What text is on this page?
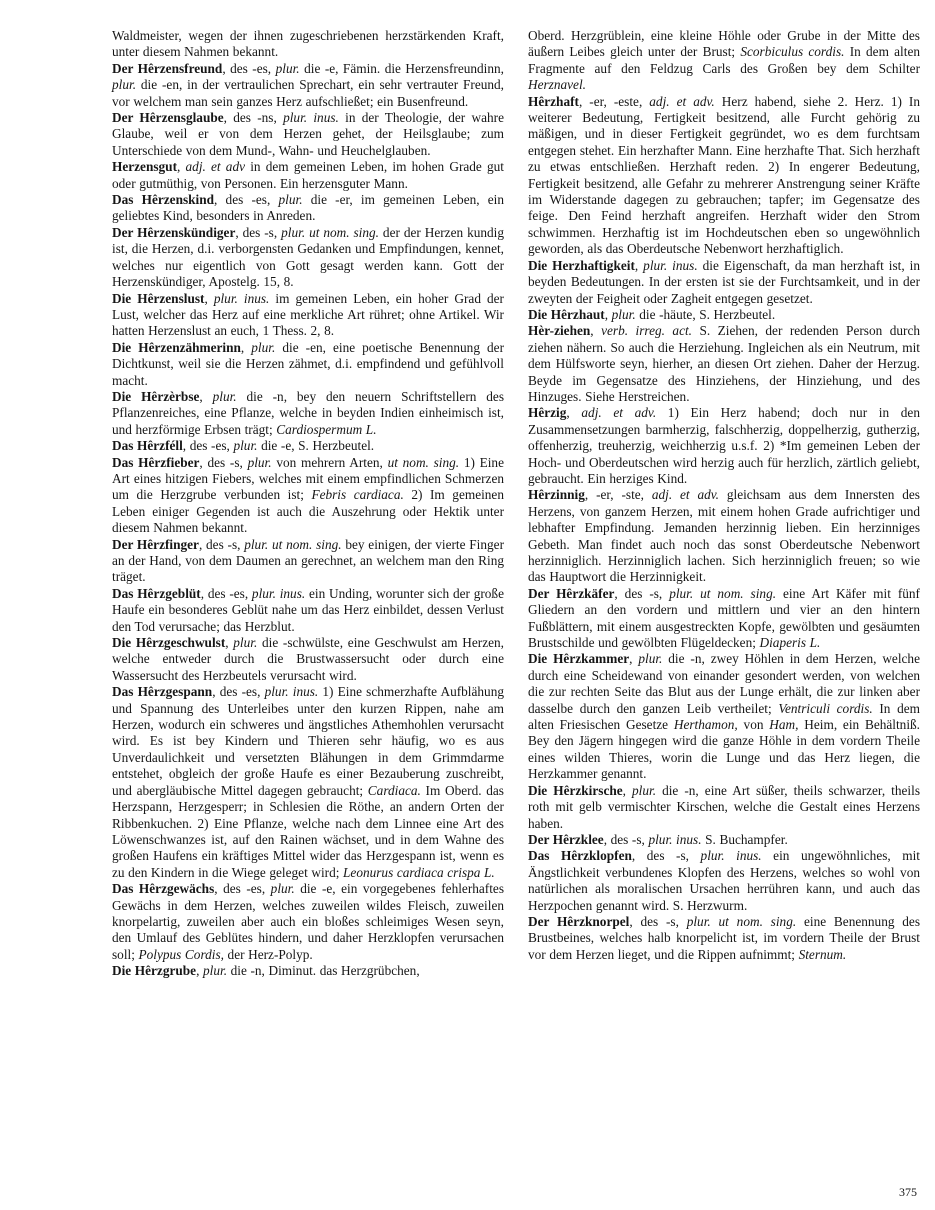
Waldmeister, wegen der ihnen zugeschriebenen herzstärkenden Kraft, unter diesem Nahmen bekannt.

Der Hêrzensfreund, des -es, plur. die -e, Fämin. die Herzensfreundinn, plur. die -en, in der vertraulichen Sprechart, ein sehr vertrauter Freund, vor welchem man sein ganzes Herz aufschließet; ein Busenfreund.

Der Hêrzensglaube, des -ns, plur. inus. in der Theologie, der wahre Glaube, weil er von dem Herzen gehet, der Heilsglaube; zum Unterschiede von dem Mund-, Wahn- und Heuchelglauben.

Herzensgut, adj. et adv in dem gemeinen Leben, im hohen Grade gut oder gutmüthig, von Personen. Ein herzensguter Mann.

Das Hêrzenskind, des -es, plur. die -er, im gemeinen Leben, ein geliebtes Kind, besonders in Anreden.

Der Hêrzenskündiger, des -s, plur. ut nom. sing. der der Herzen kundig ist, die Herzen, d.i. verborgensten Gedanken und Empfindungen, kennet, welches nur eigentlich von Gott gesagt werden kann. Gott der Herzenskündiger, Apostelg. 15, 8.

Die Hêrzenslust, plur. inus. im gemeinen Leben, ein hoher Grad der Lust, welcher das Herz auf eine merkliche Art rühret; ohne Artikel. Wir hatten Herzenslust an euch, 1 Thess. 2, 8.

Die Hêrzenzähmerinn, plur. die -en, eine poetische Benennung der Dichtkunst, weil sie die Herzen zähmet, d.i. empfindend und gefühlvoll macht.

Die Hêrzèrbse, plur. die -n, bey den neuern Schriftstellern des Pflanzenreiches, eine Pflanze, welche in beyden Indien einheimisch ist, und herzförmige Erbsen trägt; Cardiospermum L.

Das Hêrzféll, des -es, plur. die -e, S. Herzbeutel.

Das Hêrzfieber, des -s, plur. von mehrern Arten, ut nom. sing. 1) Eine Art eines hitzigen Fiebers, welches mit einem empfindlichen Schmerzen um die Herzgrube verbunden ist; Febris cardiaca. 2) Im gemeinen Leben einiger Gegenden ist auch die Auszehrung oder Hektik unter diesem Nahmen bekannt.

Der Hêrzfinger, des -s, plur. ut nom. sing. bey einigen, der vierte Finger an der Hand, von dem Daumen an gerechnet, an welchem man den Ring träget.

Das Hêrzgeblüt, des -es, plur. inus. ein Unding, worunter sich der große Haufe ein besonderes Geblüt nahe um das Herz einbildet, dessen Verlust den Tod verursache; das Herzblut.

Die Hêrzgeschwulst, plur. die -schwülste, eine Geschwulst am Herzen, welche entweder durch die Brustwassersucht oder durch eine Wassersucht des Herzbeutels verursacht wird.

Das Hêrzgespann, des -es, plur. inus. 1) Eine schmerzhafte Aufblähung und Spannung des Unterleibes unter den kurzen Rippen, nahe am Herzen, wodurch ein schweres und ängstliches Athemhohlen verursacht wird. Es ist bey Kindern und Thieren sehr häufig, wo es aus Unverdaulichkeit und versetzten Blähungen in dem Grimmdarme entstehet, obgleich der große Haufe es einer Bezauberung zuschreibt, und abergläubische Mittel dagegen gebraucht; Cardiaca. Im Oberd. das Herzspann, Herzgesperr; in Schlesien die Röthe, an andern Orten der Ribbenkuchen. 2) Eine Pflanze, welche nach dem Linnee eine Art des Löwenschwanzes ist, auf den Rainen wächset, und in dem Wahne des großen Haufens ein kräftiges Mittel wider das Herzgespann ist, wenn es zu den Kindern in die Wiege geleget wird; Leonurus cardiaca crispa L.

Das Hêrzgewächs, des -es, plur. die -e, ein vorgegebenes fehlerhaftes Gewächs in dem Herzen, welches zuweilen wildes Fleisch, zuweilen knorpelartig, zuweilen aber auch ein bloßes schleimiges Wesen seyn, den Umlauf des Geblütes hindern, und daher Herzklopfen verursachen soll; Polypus Cordis, der Herz-Polyp.

Die Hêrzgrube, plur. die -n, Diminut. das Herzgrübchen,

Oberd. Herzgrüblein, eine kleine Höhle oder Grube in der Mitte des äußern Leibes gleich unter der Brust; Scorbiculus cordis. In dem alten Fragmente auf den Feldzug Carls des Großen bey dem Schilter Herznavel.

Hêrzhaft, -er, -este, adj. et adv. Herz habend, siehe 2. Herz. 1) In weiterer Bedeutung, Fertigkeit besitzend, alle Furcht gehörig zu mäßigen, und in dieser Fertigkeit gegründet, wo es dem furchtsam entgegen stehet. Ein herzhafter Mann. Eine herzhafte That. Sich herzhaft zu etwas entschließen. Herzhaft reden. 2) In engerer Bedeutung, Fertigkeit besitzend, alle Gefahr zu mehrerer Anstrengung seiner Kräfte im Widerstande dagegen zu gebrauchen; tapfer; im Gegensatze des feige. Den Feind herzhaft angreifen. Herzhaft wider den Strom schwimmen. Herzhaftig ist im Hochdeutschen eben so ungewöhnlich geworden, als das Oberdeutsche Nebenwort herzhaftiglich.

Die Herzhaftigkeit, plur. inus. die Eigenschaft, da man herzhaft ist, in beyden Bedeutungen. In der ersten ist sie der Furchtsamkeit, und in der zweyten der Feigheit oder Zagheit entgegen gesetzet.

Die Hêrzhaut, plur. die -häute, S. Herzbeutel.

Hèr-ziehen, verb. irreg. act. S. Ziehen, der redenden Person durch ziehen nähern. So auch die Herziehung. Ingleichen als ein Neutrum, mit dem Hülfsworte seyn, hierher, an diesen Ort ziehen. Daher der Herzug. Beyde im Gegensatze des Hinziehens, der Hinziehung, und des Hinzuges. Siehe Herstreichen.

Hêrzig, adj. et adv. 1) Ein Herz habend; doch nur in den Zusammensetzungen barmherzig, falschherzig, doppelherzig, gutherzig, offenherzig, treuherzig, weichherzig u.s.f. 2) *Im gemeinen Leben der Hoch- und Oberdeutschen wird herzig auch für herzlich, zärtlich geliebt, gebraucht. Ein herziges Kind.

Hêrzinnig, -er, -ste, adj. et adv. gleichsam aus dem Innersten des Herzens, von ganzem Herzen, mit einem hohen Grade aufrichtiger und lebhafter Empfindung. Jemanden herzinnig lieben. Ein herzinniges Gebeth. Man findet auch noch das sonst Oberdeutsche Nebenwort herzinniglich. Herzinniglich lachen. Sich herzinniglich freuen; so wie das Hauptwort die Herzinnigkeit.

Der Hêrzkäfer, des -s, plur. ut nom. sing. eine Art Käfer mit fünf Gliedern an den vordern und mittlern und vier an den hintern Fußblättern, mit einem ausgestreckten Kopfe, gewölbten und gesäumten Brustschilde und gewölbten Flügeldecken; Diaperis L.

Die Hêrzkammer, plur. die -n, zwey Höhlen in dem Herzen, welche durch eine Scheidewand von einander gesondert werden, von welchen die zur rechten Seite das Blut aus der Lunge erhält, die zur linken aber dasselbe durch den ganzen Leib vertheilet; Ventriculi cordis. In dem alten Friesischen Gesetze Herthamon, von Ham, Heim, ein Behältniß. Bey den Jägern hingegen wird die ganze Höhle in dem vordern Theile eines wilden Thieres, worin die Lunge und das Herz liegen, die Herzkammer genannt.

Die Hêrzkirsche, plur. die -n, eine Art süßer, theils schwarzer, theils roth mit gelb vermischter Kirschen, welche die Gestalt eines Herzens haben.

Der Hêrzklee, des -s, plur. inus. S. Buchampfer.

Das Hêrzklopfen, des -s, plur. inus. ein ungewöhnliches, mit Ängstlichkeit verbundenes Klopfen des Herzens, welches so wohl von natürlichen als moralischen Ursachen herrühren kann, und auch das Herzpochen genannt wird. S. Herzwurm.

Der Hêrzknorpel, des -s, plur. ut nom. sing. eine Benennung des Brustbeines, welches halb knorpelicht ist, im vordern Theile der Brust vor dem Herzen lieget, und die Rippen aufnimmt; Sternum.

375
